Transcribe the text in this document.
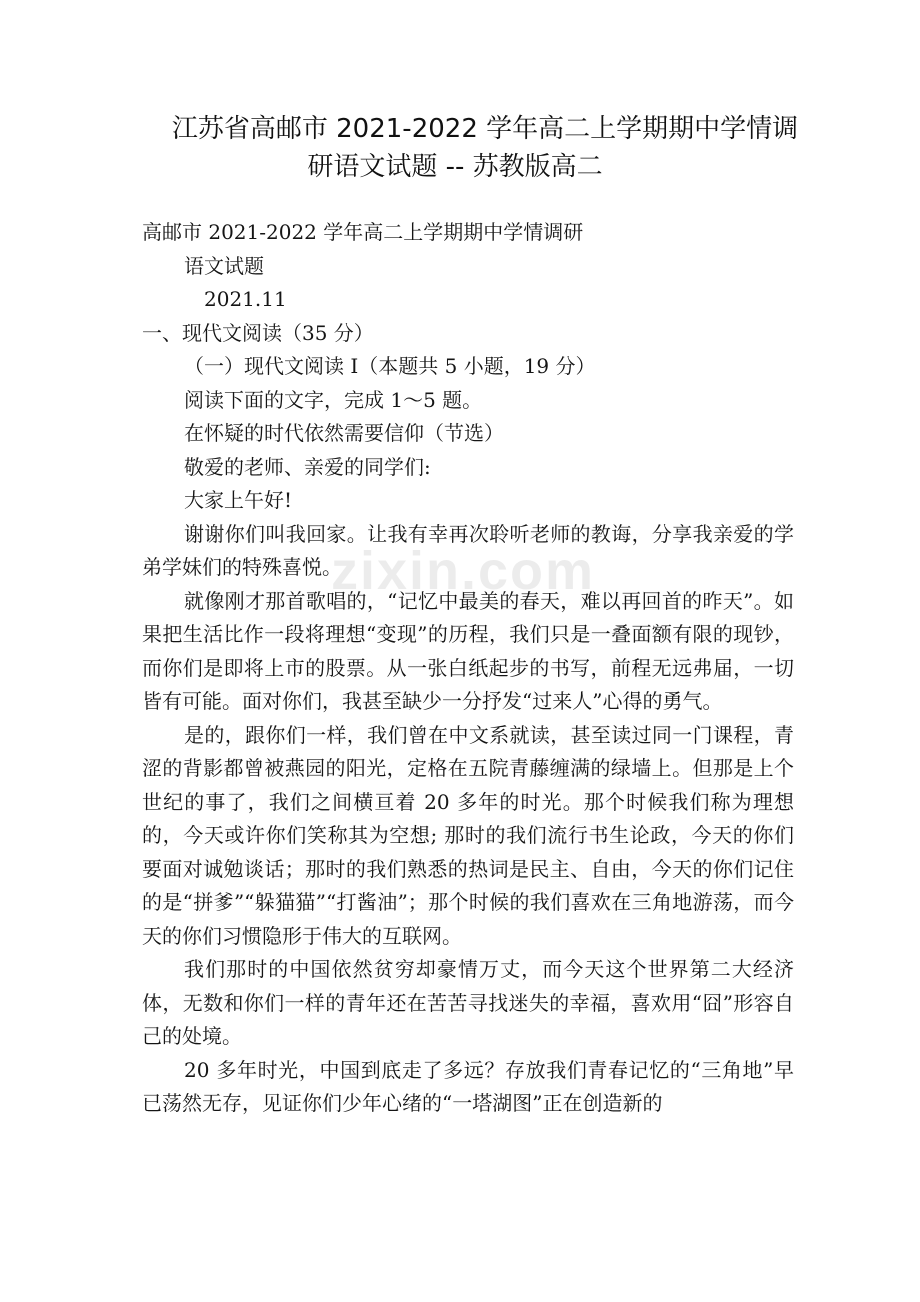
江苏省高邮市 2021-2022 学年高二上学期期中学情调
研语文试题 -- 苏教版高二
zixin.com

高邮市 2021-2022 学年高二上学期期中学情调研

语文试题

2021.11

一、现代文阅读（35 分）

（一）现代文阅读 I（本题共 5 小题，19 分）

阅读下面的文字，完成 1～5 题。

在怀疑的时代依然需要信仰（节选）

敬爱的老师、亲爱的同学们:

大家上午好!

谢谢你们叫我回家。让我有幸再次聆听老师的教诲，分享我亲爱的学弟学妹们的特殊喜悦。

就像刚才那首歌唱的，“记忆中最美的春天，难以再回首的昨天”。如果把生活比作一段将理想“变现”的历程，我们只是一叠面额有限的现钞，而你们是即将上市的股票。从一张白纸起步的书写，前程无远弗届，一切皆有可能。面对你们，我甚至缺少一分抒发“过来人”心得的勇气。

是的，跟你们一样，我们曾在中文系就读，甚至读过同一门课程，青涩的背影都曾被燕园的阳光，定格在五院青藤缠满的绿墙上。但那是上个世纪的事了，我们之间横亘着 20 多年的时光。那个时候我们称为理想的，今天或许你们笑称其为空想; 那时的我们流行书生论政，今天的你们要面对诚勉谈话；那时的我们熟悉的热词是民主、自由，今天的你们记住的是“拼爹”“躲猫猫”“打酱油”；那个时候的我们喜欢在三角地游荡，而今天的你们习惯隐形于伟大的互联网。

我们那时的中国依然贫穷却豪情万丈，而今天这个世界第二大经济体，无数和你们一样的青年还在苦苦寻找迷失的幸福，喜欢用“囧”形容自己的处境。

20 多年时光，中国到底走了多远？存放我们青春记忆的“三角地”早已荡然无存，见证你们少年心绪的“一塔湖图”正在创造新的
